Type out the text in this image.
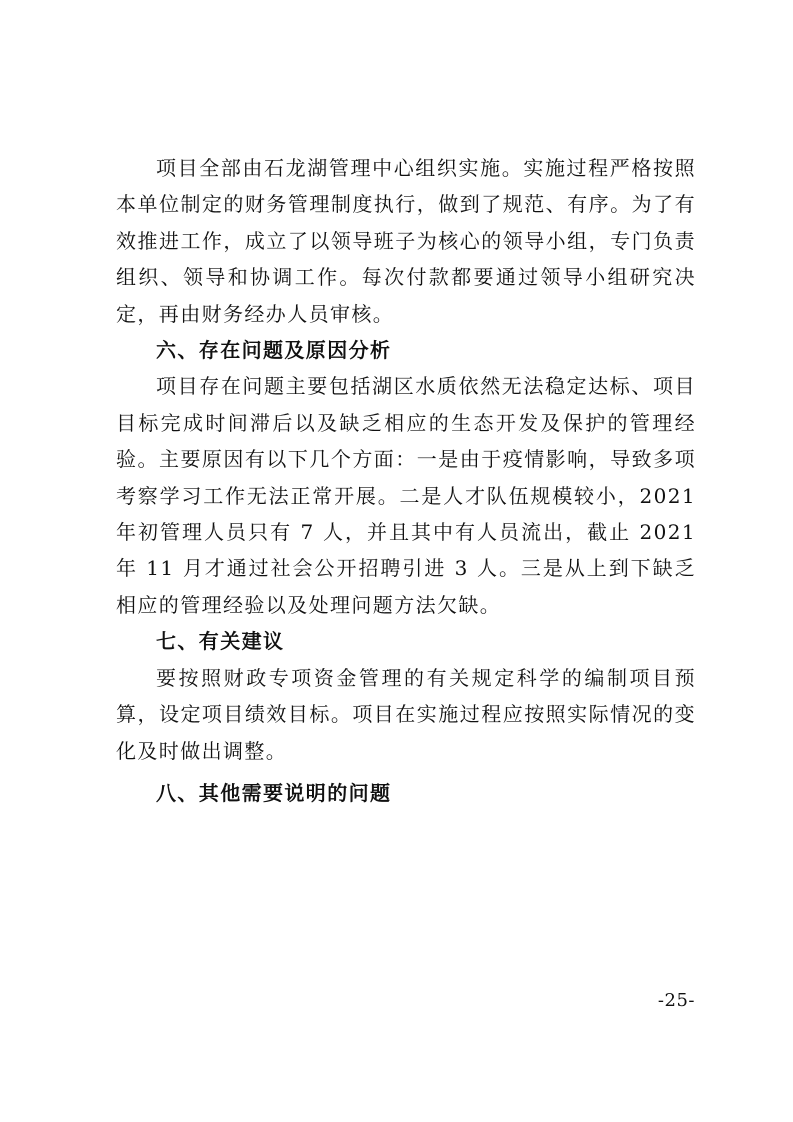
项目全部由石龙湖管理中心组织实施。实施过程严格按照本单位制定的财务管理制度执行，做到了规范、有序。为了有效推进工作，成立了以领导班子为核心的领导小组，专门负责组织、领导和协调工作。每次付款都要通过领导小组研究决定，再由财务经办人员审核。

六、存在问题及原因分析

项目存在问题主要包括湖区水质依然无法稳定达标、项目目标完成时间滞后以及缺乏相应的生态开发及保护的管理经验。主要原因有以下几个方面：一是由于疫情影响，导致多项考察学习工作无法正常开展。二是人才队伍规模较小，2021 年初管理人员只有 7 人，并且其中有人员流出，截止 2021 年 11 月才通过社会公开招聘引进 3 人。三是从上到下缺乏相应的管理经验以及处理问题方法欠缺。

七、有关建议

要按照财政专项资金管理的有关规定科学的编制项目预算，设定项目绩效目标。项目在实施过程应按照实际情况的变化及时做出调整。

八、其他需要说明的问题

-25-
